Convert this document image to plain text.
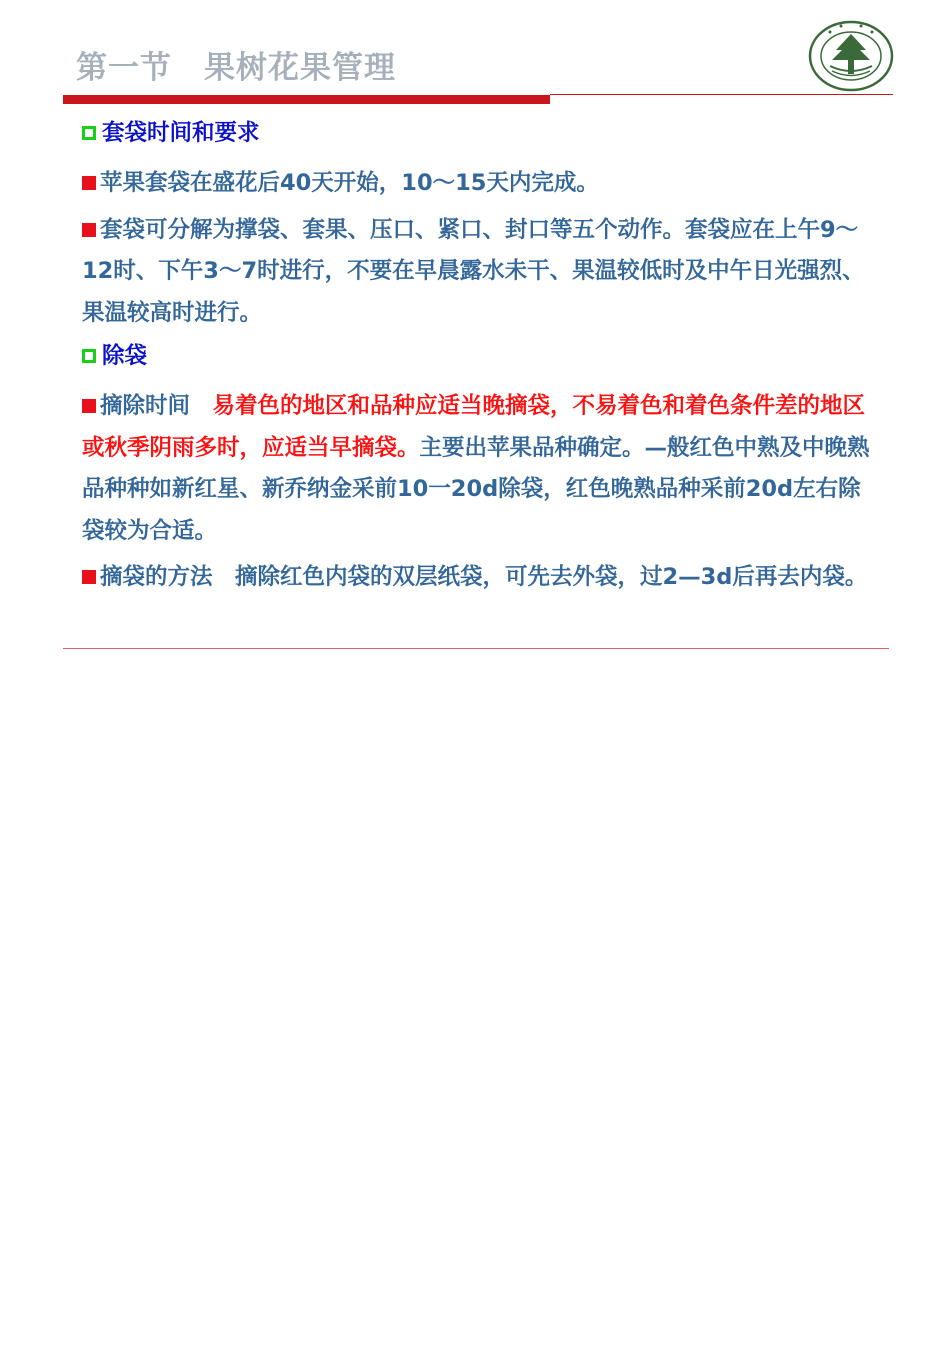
第一节　果树花果管理
套袋时间和要求
苹果套袋在盛花后40天开始，10～15天内完成。
套袋可分解为撑袋、套果、压口、紧口、封口等五个动作。套袋应在上午9～12时、下午3～7时进行，不要在早晨露水未干、果温较低时及中午日光强烈、果温较高时进行。
除袋
摘除时间　易着色的地区和品种应适当晚摘袋，不易着色和着色条件差的地区或秋季阴雨多时，应适当早摘袋。主要出苹果品种确定。—般红色中熟及中晚熟品种种如新红星、新乔纳金采前10一20d除袋，红色晚熟品种采前20d左右除袋较为合适。
摘袋的方法　摘除红色内袋的双层纸袋，可先去外袋，过2—3d后再去内袋。
